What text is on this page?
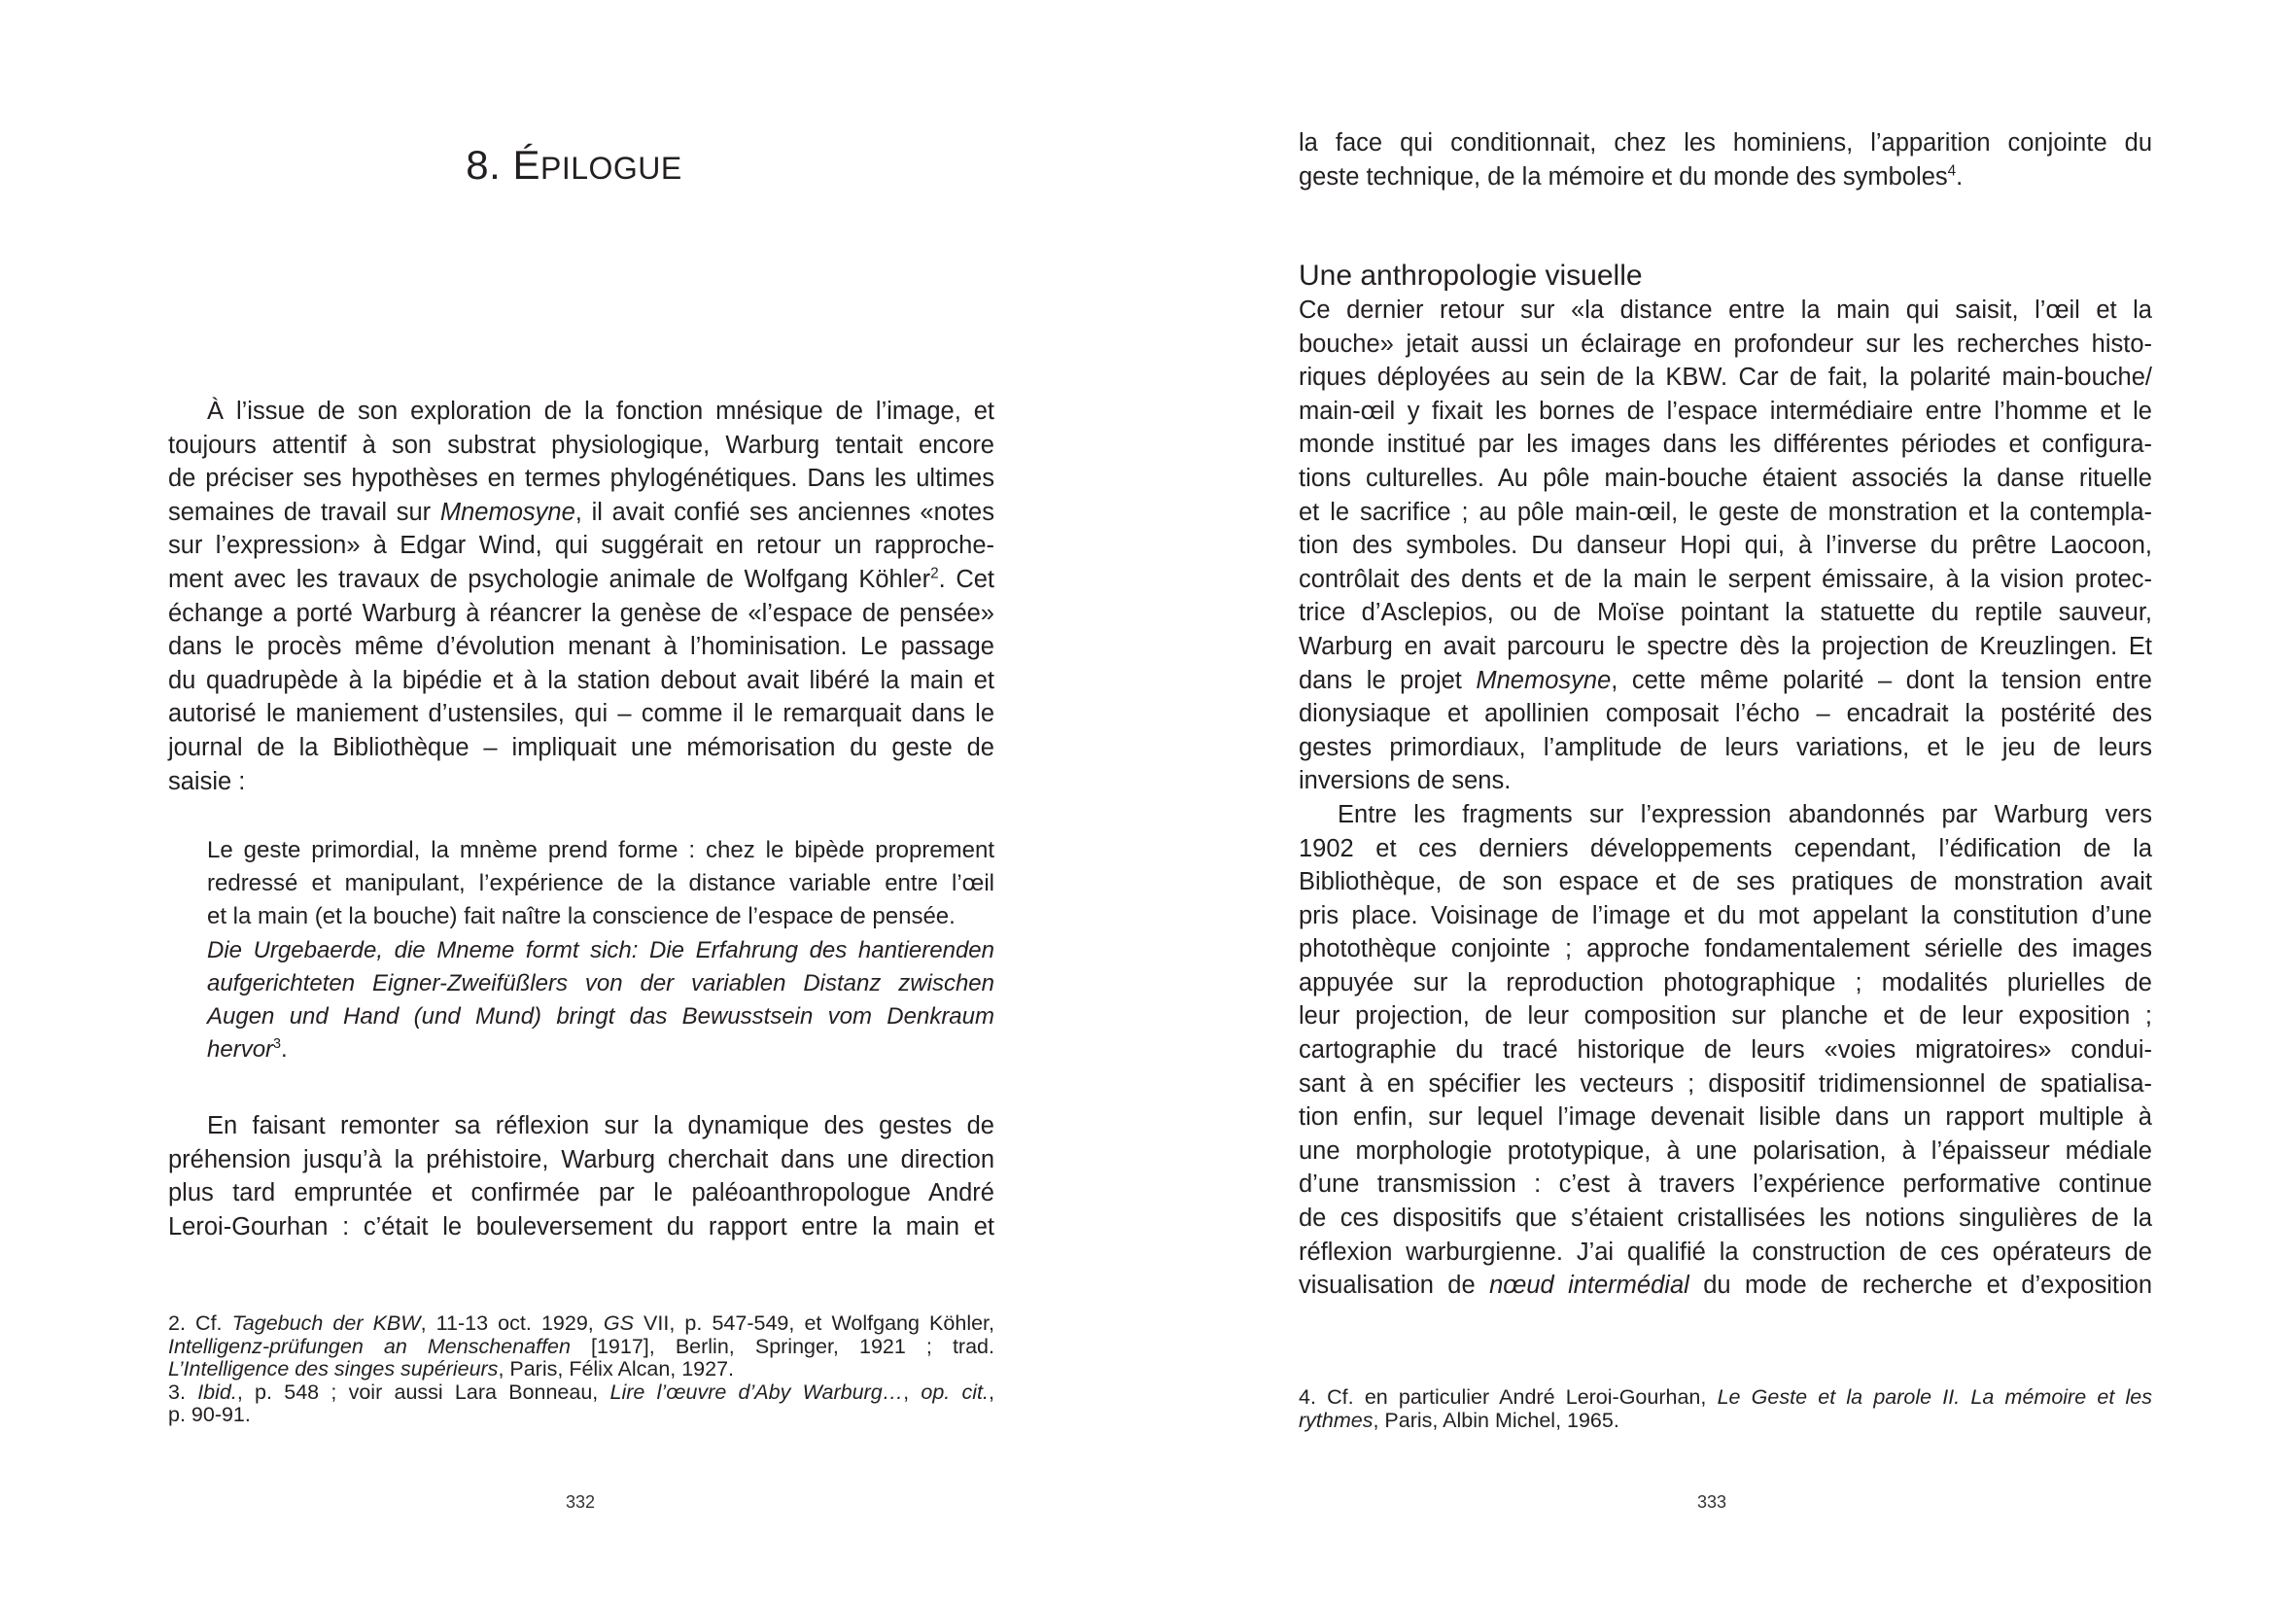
8. ÉPILOGUE
À l’issue de son exploration de la fonction mnésique de l’image, et
toujours attentif à son substrat physiologique, Warburg tentait encore
de préciser ses hypothèses en termes phylogénétiques. Dans les ultimes
semaines de travail sur Mnemosyne, il avait confié ses anciennes «notes
sur l’expression» à Edgar Wind, qui suggérait en retour un rapproche-
ment avec les travaux de psychologie animale de Wolfgang Köhler$^2$. Cet
échange a porté Warburg à réancrer la genèse de «l’espace de pensée»
dans le procès même d’évolution menant à l’hominisation. Le passage
du quadrupède à la bipédie et à la station debout avait libéré la main et
autorisé le maniement d’ustensiles, qui – comme il le remarquait dans le
journal de la Bibliothèque – impliquait une mémorisation du geste de
saisie :
Le geste primordial, la mnème prend forme : chez le bipède proprement
redressé et manipulant, l’expérience de la distance variable entre l’œil
et la main (et la bouche) fait naître la conscience de l’espace de pensée.
Die Urgebaerde, die Mneme formt sich: Die Erfahrung des hantierenden
aufgerichteten Eigner-Zweifüßlers von der variablen Distanz zwischen
Augen und Hand (und Mund) bringt das Bewusstsein vom Denkraum
hervor$^3$.
En faisant remonter sa réflexion sur la dynamique des gestes de
préhension jusqu’à la préhistoire, Warburg cherchait dans une direction
plus tard empruntée et confirmée par le paléoanthropologue André
Leroi-Gourhan : c’était le bouleversement du rapport entre la main et
2. Cf. Tagebuch der KBW, 11-13 oct. 1929, GS VII, p. 547-549, et Wolfgang Köhler,
Intelligenz-prüfungen an Menschenaffen [1917], Berlin, Springer, 1921 ; trad.
L’Intelligence des singes supérieurs, Paris, Félix Alcan, 1927.
3. Ibid., p. 548 ; voir aussi Lara Bonneau, Lire l’œuvre d’Aby Warburg…, op. cit.,
p. 90-91.
332
la face qui conditionnait, chez les hominiens, l’apparition conjointe du
geste technique, de la mémoire et du monde des symboles$^4$.
Une anthropologie visuelle
Ce dernier retour sur «la distance entre la main qui saisit, l’œil et la
bouche» jetait aussi un éclairage en profondeur sur les recherches histo-
riques déployées au sein de la KBW. Car de fait, la polarité main-bouche/
main-œil y fixait les bornes de l’espace intermédiaire entre l’homme et le
monde institué par les images dans les différentes périodes et configura-
tions culturelles. Au pôle main-bouche étaient associés la danse rituelle
et le sacrifice ; au pôle main-œil, le geste de monstration et la contempla-
tion des symboles. Du danseur Hopi qui, à l’inverse du prêtre Laocoon,
contrôlait des dents et de la main le serpent émissaire, à la vision protec-
trice d’Asclepios, ou de Moïse pointant la statuette du reptile sauveur,
Warburg en avait parcouru le spectre dès la projection de Kreuzlingen. Et
dans le projet Mnemosyne, cette même polarité – dont la tension entre
dionysiaque et apollinien composait l’écho – encadrait la postérité des
gestes primordiaux, l’amplitude de leurs variations, et le jeu de leurs
inversions de sens.
Entre les fragments sur l’expression abandonnés par Warburg vers
1902 et ces derniers développements cependant, l’édification de la
Bibliothèque, de son espace et de ses pratiques de monstration avait
pris place. Voisinage de l’image et du mot appelant la constitution d’une
photothèque conjointe ; approche fondamentalement sérielle des images
appuyée sur la reproduction photographique ; modalités plurielles de
leur projection, de leur composition sur planche et de leur exposition ;
cartographie du tracé historique de leurs «voies migratoires» condui-
sant à en spécifier les vecteurs ; dispositif tridimensionnel de spatialisa-
tion enfin, sur lequel l’image devenait lisible dans un rapport multiple à
une morphologie prototypique, à une polarisation, à l’épaisseur médiale
d’une transmission : c’est à travers l’expérience performative continue
de ces dispositifs que s’étaient cristallisées les notions singulières de la
réflexion warburgienne. J’ai qualifié la construction de ces opérateurs de
visualisation de nœud intermédial du mode de recherche et d’exposition
4. Cf. en particulier André Leroi-Gourhan, Le Geste et la parole II. La mémoire et les
rythmes, Paris, Albin Michel, 1965.
333
